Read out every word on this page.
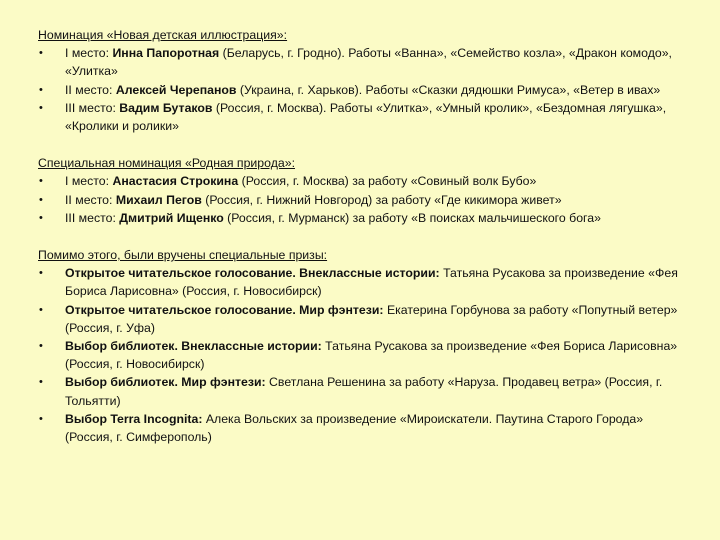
Номинация «Новая детская иллюстрация»:
• I место: Инна Папоротная (Беларусь, г. Гродно). Работы «Ванна», «Семейство козла», «Дракон комодо», «Улитка»
• II место: Алексей Черепанов (Украина, г. Харьков). Работы «Сказки дядюшки Римуса», «Ветер в ивах»
• III место: Вадим Бутаков (Россия, г. Москва). Работы «Улитка», «Умный кролик», «Бездомная лягушка», «Кролики и ролики»
Специальная номинация «Родная природа»:
• I место: Анастасия Строкина (Россия, г. Москва) за работу «Совиный волк Бубо»
• II место: Михаил Пегов (Россия, г. Нижний Новгород) за работу «Где кикимора живет»
• III место: Дмитрий Ищенко (Россия, г. Мурманск) за работу «В поисках мальчишеского бога»
Помимо этого, были вручены специальные призы:
• Открытое читательское голосование. Внеклассные истории: Татьяна Русакова за произведение «Фея Бориса Ларисовна» (Россия, г. Новосибирск)
• Открытое читательское голосование. Мир фэнтези: Екатерина Горбунова за работу «Попутный ветер» (Россия, г. Уфа)
• Выбор библиотек. Внеклассные истории: Татьяна Русакова за произведение «Фея Бориса Ларисовна» (Россия, г. Новосибирск)
• Выбор библиотек. Мир фэнтези: Светлана Решенина за работу «Наруза. Продавец ветра» (Россия, г. Тольятти)
• Выбор Terra Incognita: Алека Вольских за произведение «Мироискатели. Паутина Старого Города» (Россия, г. Симферополь)
